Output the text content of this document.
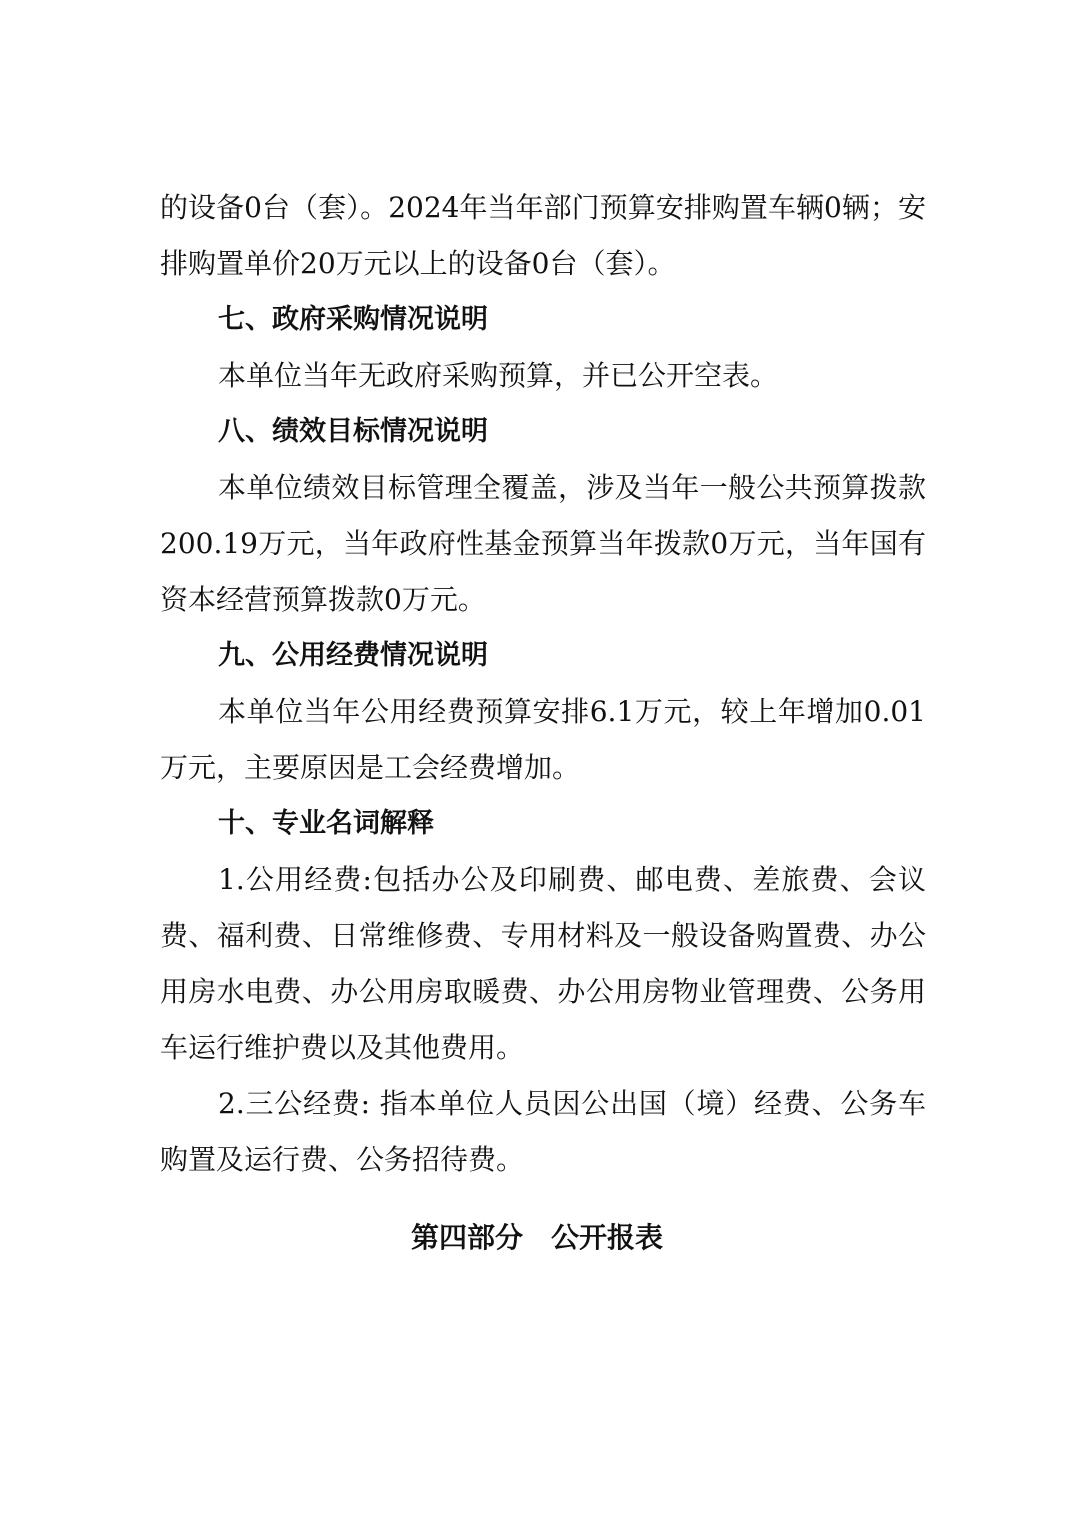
的设备0台（套）。2024年当年部门预算安排购置车辆0辆；安排购置单价20万元以上的设备0台（套）。

七、政府采购情况说明

本单位当年无政府采购预算，并已公开空表。

八、绩效目标情况说明

本单位绩效目标管理全覆盖，涉及当年一般公共预算拨款200.19万元，当年政府性基金预算当年拨款0万元，当年国有资本经营预算拨款0万元。

九、公用经费情况说明

本单位当年公用经费预算安排6.1万元，较上年增加0.01万元，主要原因是工会经费增加。

十、专业名词解释

1.公用经费:包括办公及印刷费、邮电费、差旅费、会议费、福利费、日常维修费、专用材料及一般设备购置费、办公用房水电费、办公用房取暖费、办公用房物业管理费、公务用车运行维护费以及其他费用。

2.三公经费: 指本单位人员因公出国（境）经费、公务车购置及运行费、公务招待费。

第四部分　公开报表
